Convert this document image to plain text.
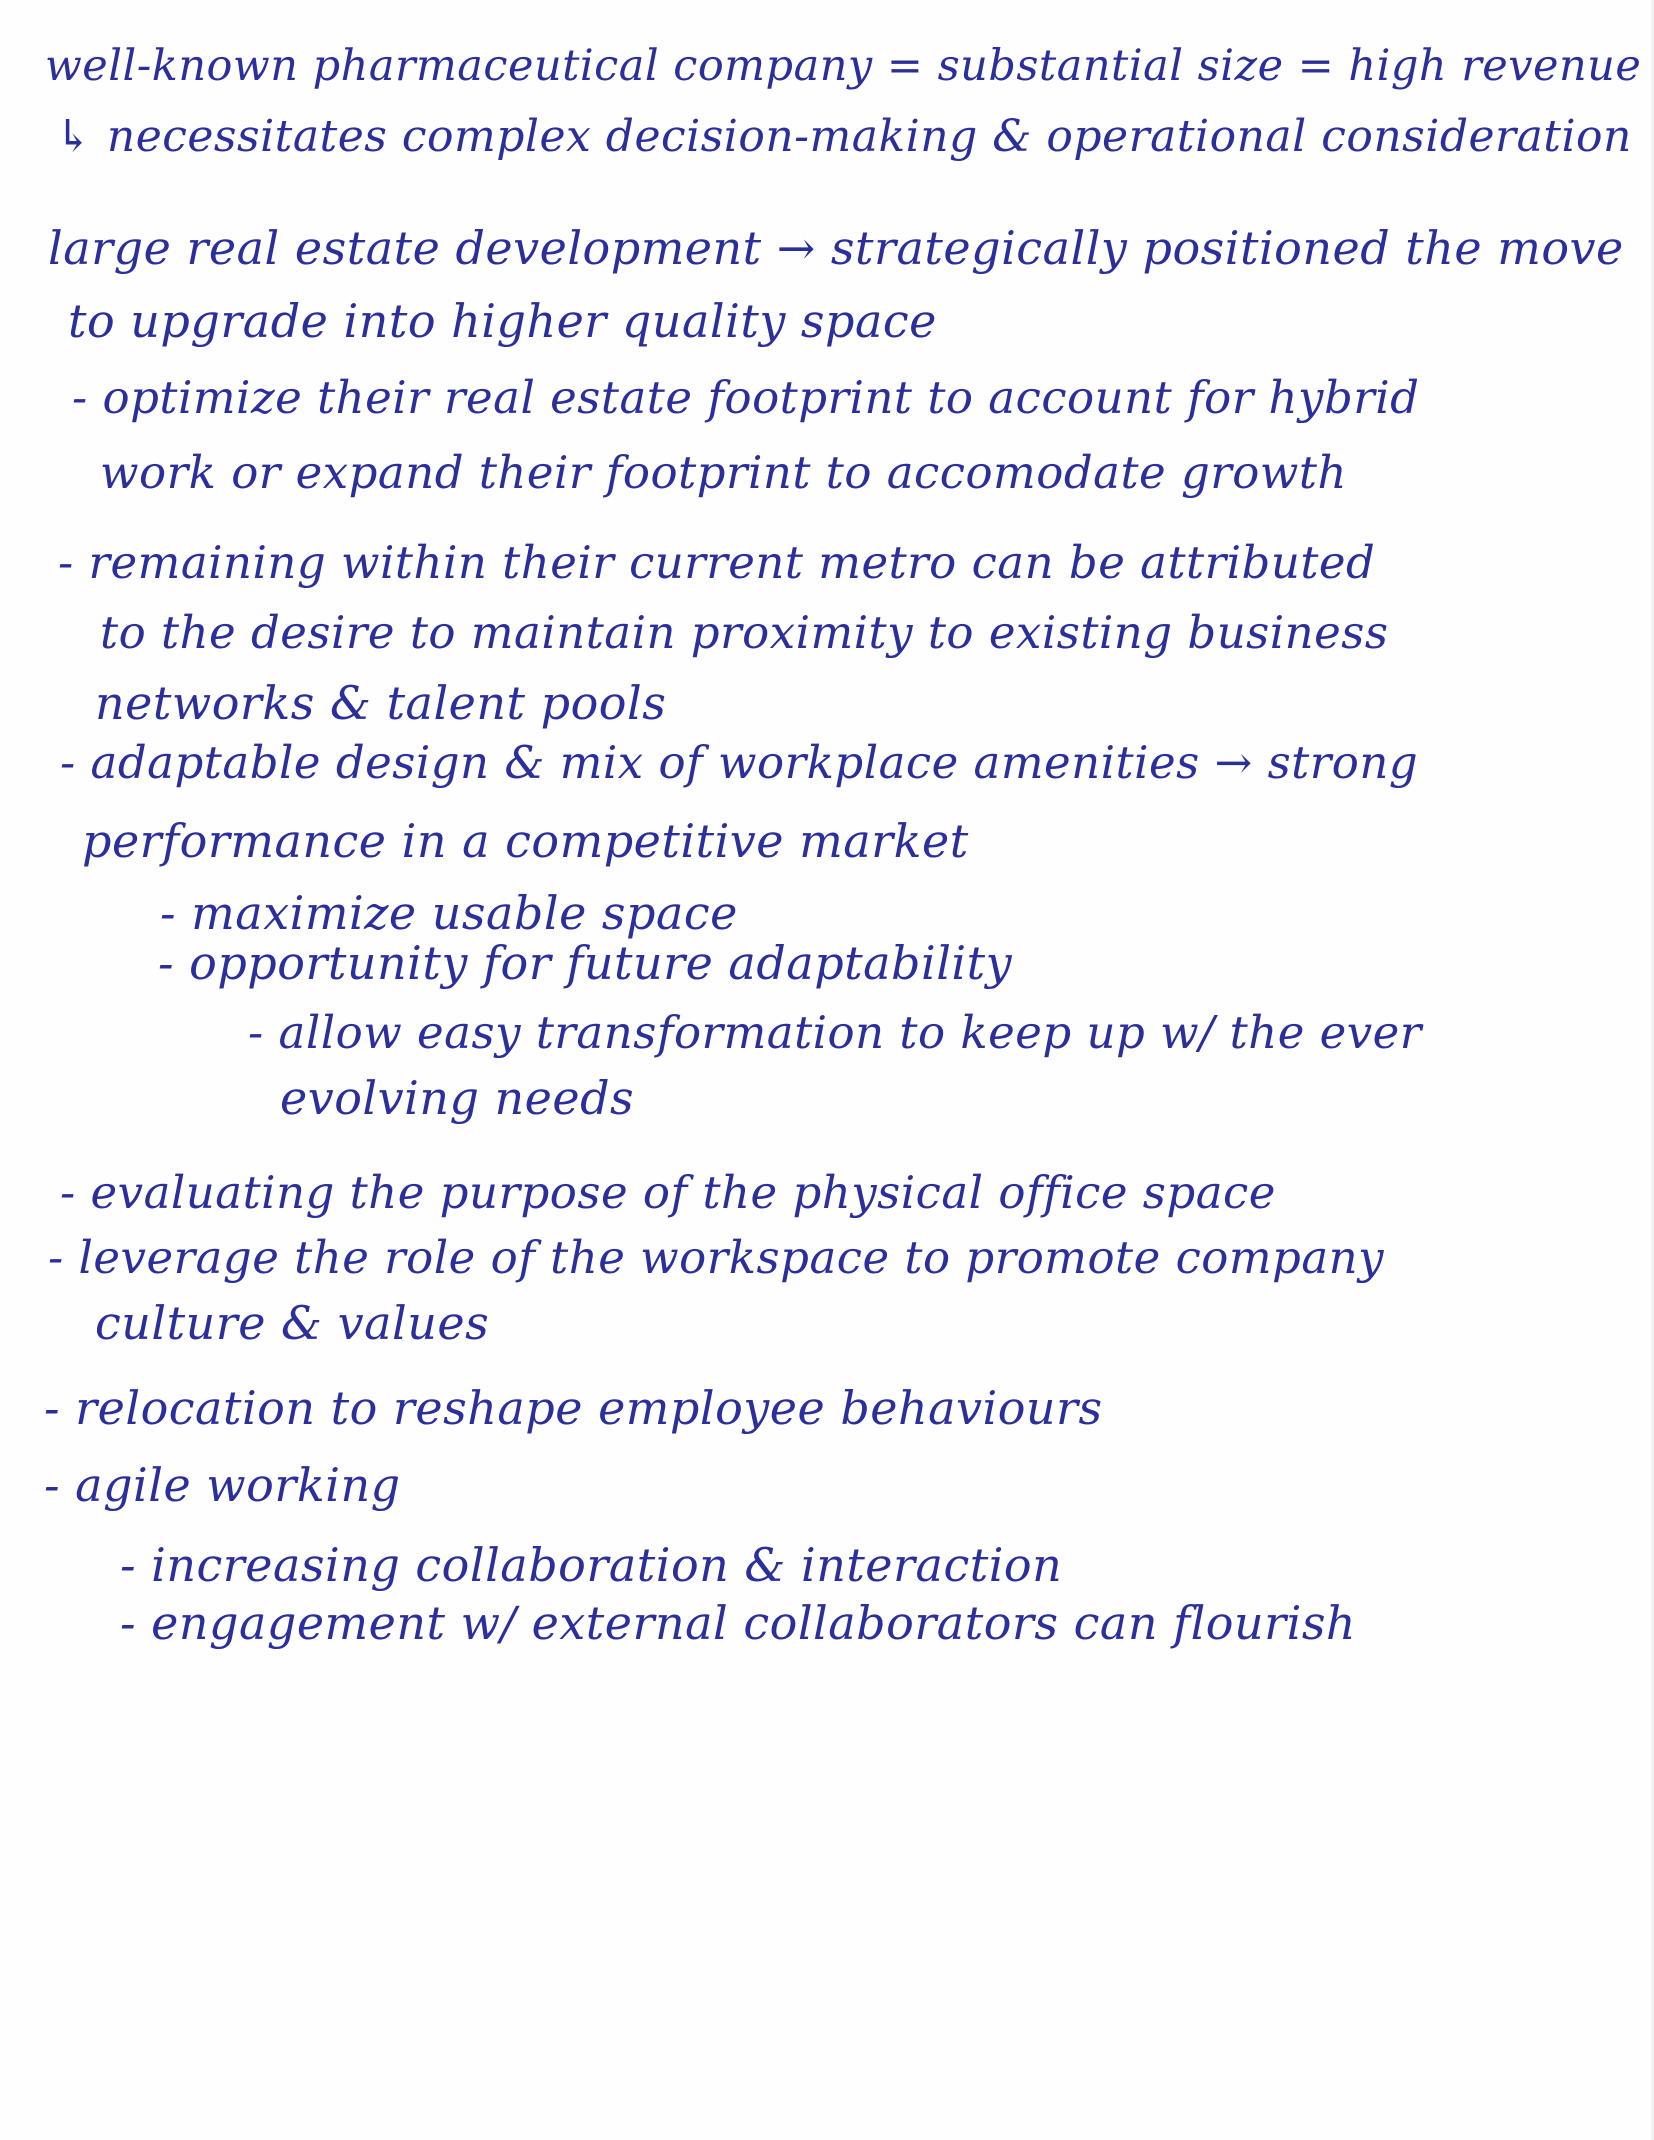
well-known pharmaceutical company = substantial size = high revenue
↳ necessitates complex decision-making & operational consideration
large real estate development → strategically positioned the move
to upgrade into higher quality space
- optimize their real estate footprint to account for hybrid
work or expand their footprint to accomodate growth
- remaining within their current metro can be attributed
to the desire to maintain proximity to existing business
networks & talent pools
- adaptable design & mix of workplace amenities → strong
performance in a competitive market
- maximize usable space
- opportunity for future adaptability
- allow easy transformation to keep up w/ the ever
evolving needs
- evaluating the purpose of the physical office space
- leverage the role of the workspace to promote company
culture & values
- relocation to reshape employee behaviours
- agile working
- increasing collaboration & interaction
- engagement w/ external collaborators can flourish
